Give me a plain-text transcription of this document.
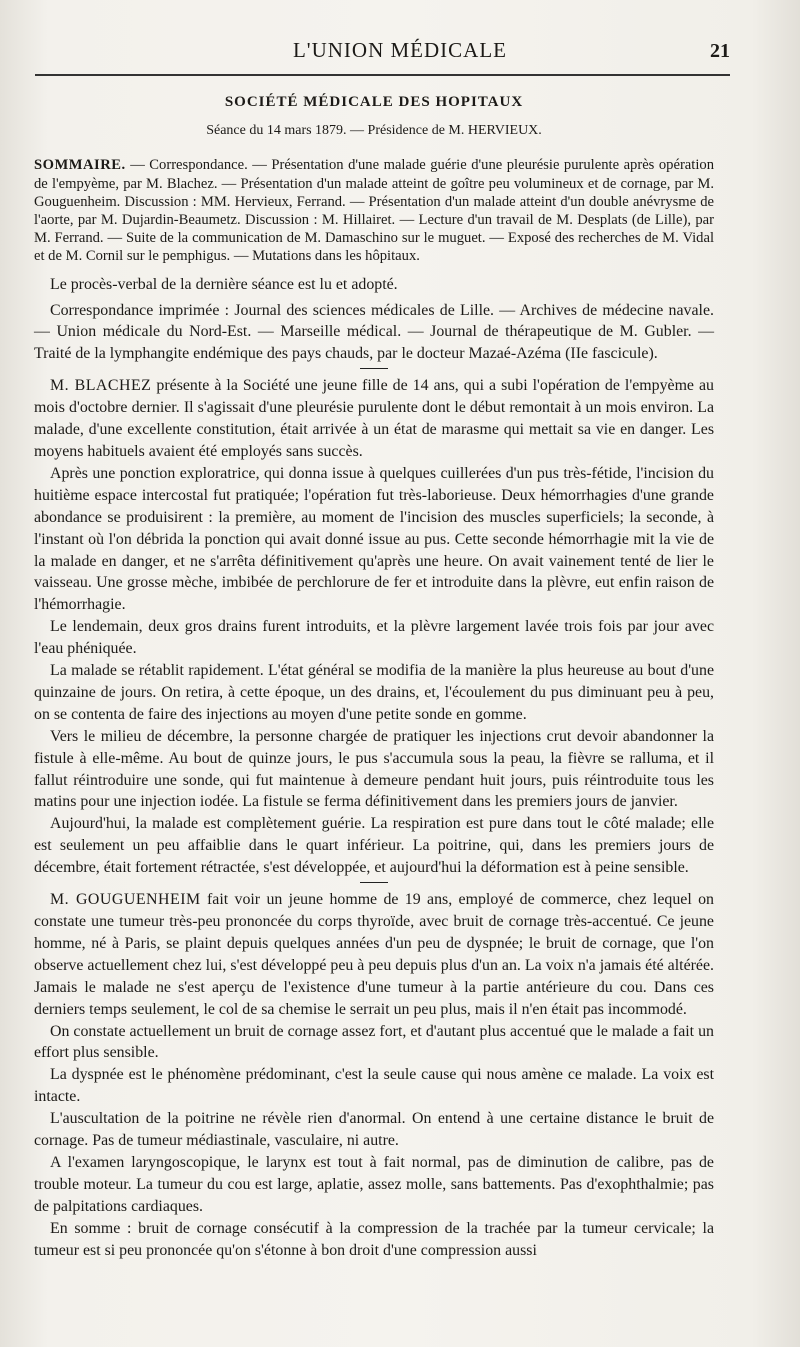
L'UNION MÉDICALE	21
SOCIÉTÉ MÉDICALE DES HOPITAUX
Séance du 14 mars 1879. — Présidence de M. HERVIEUX.

SOMMAIRE. — Correspondance. — Présentation d'une malade guérie d'une pleurésie purulente après opération de l'empyème, par M. Blachez. — Présentation d'un malade atteint de goître peu volumineux et de cornage, par M. Gouguenheim. Discussion : MM. Hervieux, Ferrand. — Présentation d'un malade atteint d'un double anévrysme de l'aorte, par M. Dujardin-Beaumetz. Discussion : M. Hillairet. — Lecture d'un travail de M. Desplats (de Lille), par M. Ferrand. — Suite de la communication de M. Damaschino sur le muguet. — Exposé des recherches de M. Vidal et de M. Cornil sur le pemphigus. — Mutations dans les hôpitaux.

Le procès-verbal de la dernière séance est lu et adopté.

Correspondance imprimée : Journal des sciences médicales de Lille. — Archives de médecine navale. — Union médicale du Nord-Est. — Marseille médical. — Journal de thérapeutique de M. Gubler. — Traité de la lymphangite endémique des pays chauds, par le docteur Mazaé-Azéma (IIe fascicule).

M. BLACHEZ présente à la Société une jeune fille de 14 ans, qui a subi l'opération de l'empyème au mois d'octobre dernier. Il s'agissait d'une pleurésie purulente dont le début remontait à un mois environ. La malade, d'une excellente constitution, était arrivée à un état de marasme qui mettait sa vie en danger. Les moyens habituels avaient été employés sans succès.

Après une ponction exploratrice, qui donna issue à quelques cuillerées d'un pus très-fétide, l'incision du huitième espace intercostal fut pratiquée; l'opération fut très-laborieuse. Deux hémorrhagies d'une grande abondance se produisirent : la première, au moment de l'incision des muscles superficiels; la seconde, à l'instant où l'on débrida la ponction qui avait donné issue au pus. Cette seconde hémorrhagie mit la vie de la malade en danger, et ne s'arrêta définitivement qu'après une heure. On avait vainement tenté de lier le vaisseau. Une grosse mèche, imbibée de perchlorure de fer et introduite dans la plèvre, eut enfin raison de l'hémorrhagie.

Le lendemain, deux gros drains furent introduits, et la plèvre largement lavée trois fois par jour avec l'eau phéniquée.

La malade se rétablit rapidement. L'état général se modifia de la manière la plus heureuse au bout d'une quinzaine de jours. On retira, à cette époque, un des drains, et, l'écoulement du pus diminuant peu à peu, on se contenta de faire des injections au moyen d'une petite sonde en gomme.

Vers le milieu de décembre, la personne chargée de pratiquer les injections crut devoir abandonner la fistule à elle-même. Au bout de quinze jours, le pus s'accumula sous la peau, la fièvre se ralluma, et il fallut réintroduire une sonde, qui fut maintenue à demeure pendant huit jours, puis réintroduite tous les matins pour une injection iodée. La fistule se ferma définitivement dans les premiers jours de janvier.

Aujourd'hui, la malade est complètement guérie. La respiration est pure dans tout le côté malade; elle est seulement un peu affaiblie dans le quart inférieur. La poitrine, qui, dans les premiers jours de décembre, était fortement rétractée, s'est développée, et aujourd'hui la déformation est à peine sensible.

M. GOUGUENHEIM fait voir un jeune homme de 19 ans, employé de commerce, chez lequel on constate une tumeur très-peu prononcée du corps thyroïde, avec bruit de cornage très-accentué. Ce jeune homme, né à Paris, se plaint depuis quelques années d'un peu de dyspnée; le bruit de cornage, que l'on observe actuellement chez lui, s'est développé peu à peu depuis plus d'un an. La voix n'a jamais été altérée. Jamais le malade ne s'est aperçu de l'existence d'une tumeur à la partie antérieure du cou. Dans ces derniers temps seulement, le col de sa chemise le serrait un peu plus, mais il n'en était pas incommodé.

On constate actuellement un bruit de cornage assez fort, et d'autant plus accentué que le malade a fait un effort plus sensible.

La dyspnée est le phénomène prédominant, c'est la seule cause qui nous amène ce malade. La voix est intacte.

L'auscultation de la poitrine ne révèle rien d'anormal. On entend à une certaine distance le bruit de cornage. Pas de tumeur médiastinale, vasculaire, ni autre.

A l'examen laryngoscopique, le larynx est tout à fait normal, pas de diminution de calibre, pas de trouble moteur. La tumeur du cou est large, aplatie, assez molle, sans battements. Pas d'exophthalmie; pas de palpitations cardiaques.

En somme : bruit de cornage consécutif à la compression de la trachée par la tumeur cervicale; la tumeur est si peu prononcée qu'on s'étonne à bon droit d'une compression aussi
